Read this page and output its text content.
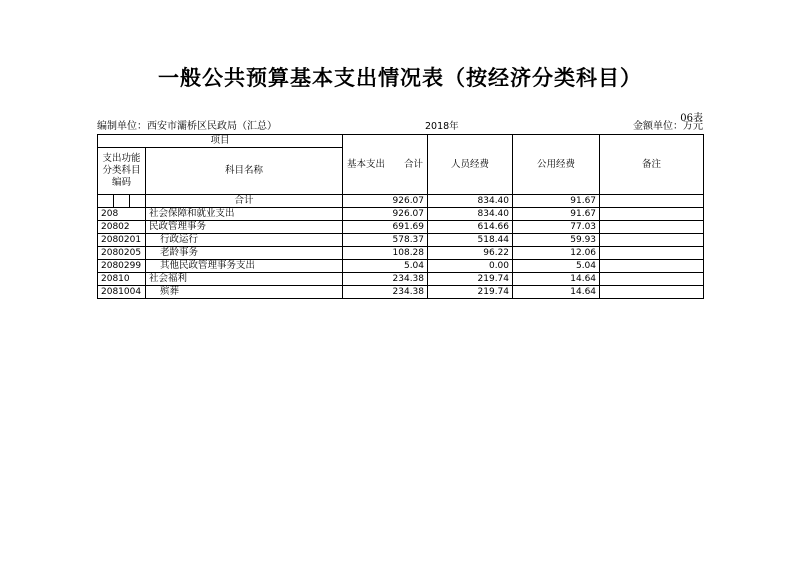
一般公共预算基本支出情况表（按经济分类科目）
06表
编制单位：西安市灞桥区民政局（汇总）	2018年	金额单位：万元
项目		基本支出　　合计	人员经费	公用经费	备注
支出功能分类科目编码	科目名称				

	合计	926.07	834.40	91.67	
208	社会保障和就业支出	926.07	834.40	91.67	
20802	民政管理事务	691.69	614.66	77.03	
2080201	行政运行	578.37	518.44	59.93	
2080205	老龄事务	108.28	96.22	12.06	
2080299	其他民政管理事务支出	5.04	0.00	5.04	
20810	社会福利	234.38	219.74	14.64	
2081004	殡葬	234.38	219.74	14.64	
